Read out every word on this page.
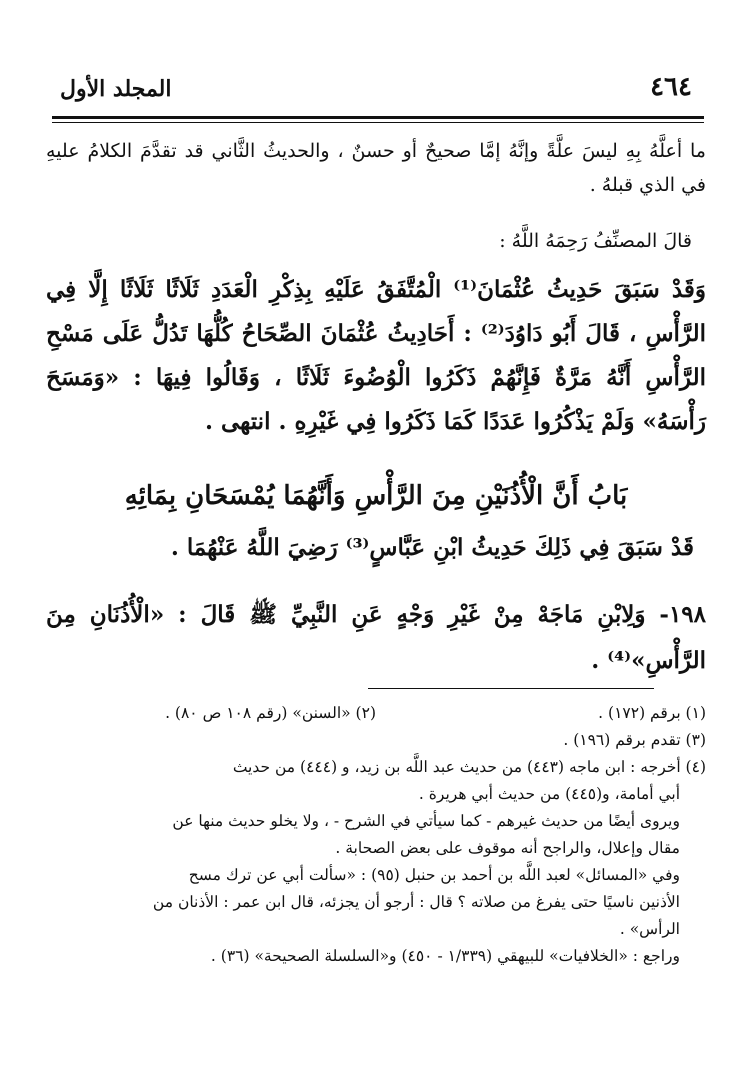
٤٦٤
المجلد الأول
ما أعلَّهُ بِهِ ليسَ علَّةً وإنَّهُ إمَّا صحيحٌ أو حسنٌ ، والحديثُ الثَّاني قد تقدَّمَ الكلامُ عليهِ في الذي قبلهُ .
قالَ المصنِّفُ رَحِمَهُ اللَّهُ :
وَقَدْ سَبَقَ حَدِيثُ عُثْمَانَ⁽¹⁾ الْمُتَّفَقُ عَلَيْهِ بِذِكْرِ الْعَدَدِ ثَلَاثًا ثَلَاثًا إِلَّا فِي الرَّأْسِ ، قَالَ أَبُو دَاوُدَ⁽²⁾ : أَحَادِيثُ عُثْمَانَ الصِّحَاحُ كُلُّهَا تَدُلُّ عَلَى مَسْحِ الرَّأْسِ أَنَّهُ مَرَّةٌ فَإِنَّهُمْ ذَكَرُوا الْوُضُوءَ ثَلَاثًا ، وَقَالُوا فِيهَا : «وَمَسَحَ رَأْسَهُ» وَلَمْ يَذْكُرُوا عَدَدًا كَمَا ذَكَرُوا فِي غَيْرِهِ . انتهى .
بَابُ أَنَّ الْأُذُنَيْنِ مِنَ الرَّأْسِ وَأَنَّهُمَا يُمْسَحَانِ بِمَائِهِ
قَدْ سَبَقَ فِي ذَلِكَ حَدِيثُ ابْنِ عَبَّاسٍ⁽³⁾ رَضِيَ اللَّهُ عَنْهُمَا .
١٩٨- وَلِابْنِ مَاجَهْ مِنْ غَيْرِ وَجْهٍ عَنِ النَّبِيِّ ﷺ قَالَ : «الْأُذُنَانِ مِنَ الرَّأْسِ»⁽⁴⁾ .
(١) برقم (١٧٢) .
(٢) «السنن» (رقم ١٠٨ ص ٨٠) .
(٣) تقدم برقم (١٩٦) .
(٤) أخرجه : ابن ماجه (٤٤٣) من حديث عبد اللَّه بن زيد، و (٤٤٤) من حديث
أبي أمامة، و(٤٤٥) من حديث أبي هريرة .
ويروى أيضًا من حديث غيرهم - كما سيأتي في الشرح - ، ولا يخلو حديث منها عن
مقال وإعلال، والراجح أنه موقوف على بعض الصحابة .
وفي «المسائل» لعبد اللَّه بن أحمد بن حنبل (٩٥) : «سألت أبي عن ترك مسح
الأذنين ناسيًا حتى يفرغ من صلاته ؟ قال : أرجو أن يجزئه، قال ابن عمر : الأذنان من
الرأس» .
وراجع : «الخلافيات» للبيهقي (١/٣٣٩ - ٤٥٠) و«السلسلة الصحيحة» (٣٦) .
